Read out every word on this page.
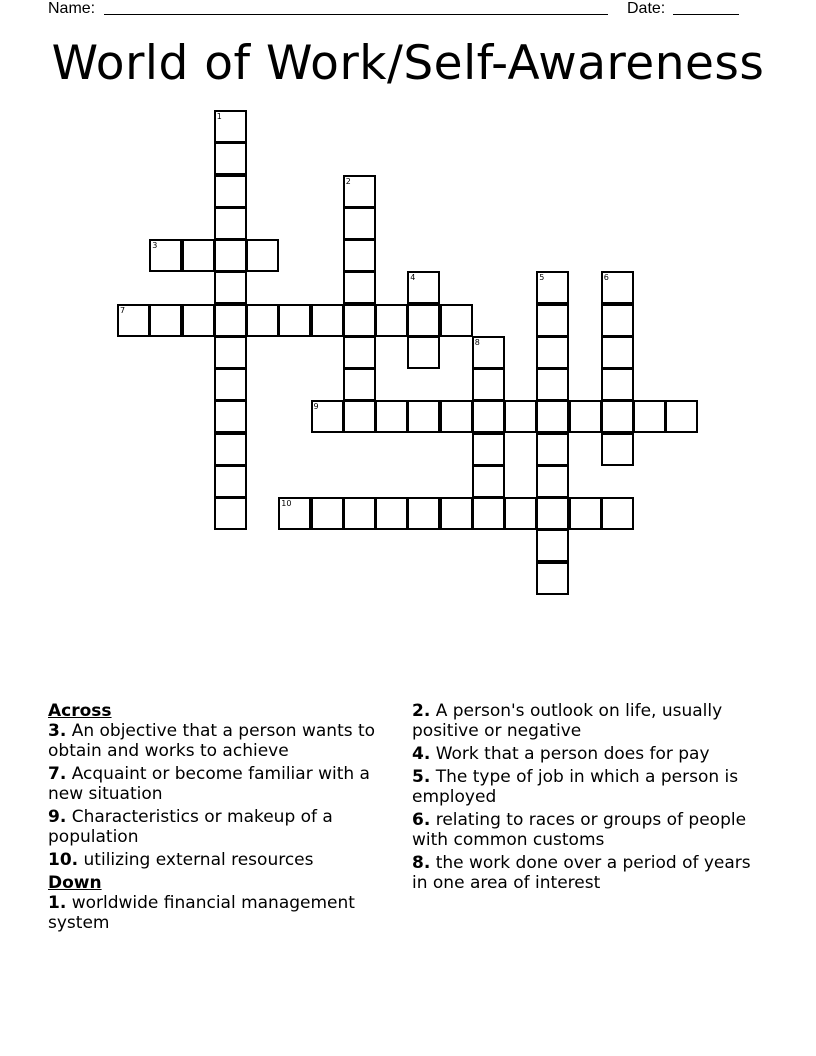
Name:	Date:
World of Work/Self-Awareness
1
2
3
4	5	6
7
8
9
10
Across
3. An objective that a person wants to obtain and works to achieve
7. Acquaint or become familiar with a new situation
9. Characteristics or makeup of a population
10. utilizing external resources
Down
1. worldwide financial management system
2. A person's outlook on life, usually positive or negative
4. Work that a person does for pay
5. The type of job in which a person is employed
6. relating to races or groups of people with common customs
8. the work done over a period of years in one area of interest
